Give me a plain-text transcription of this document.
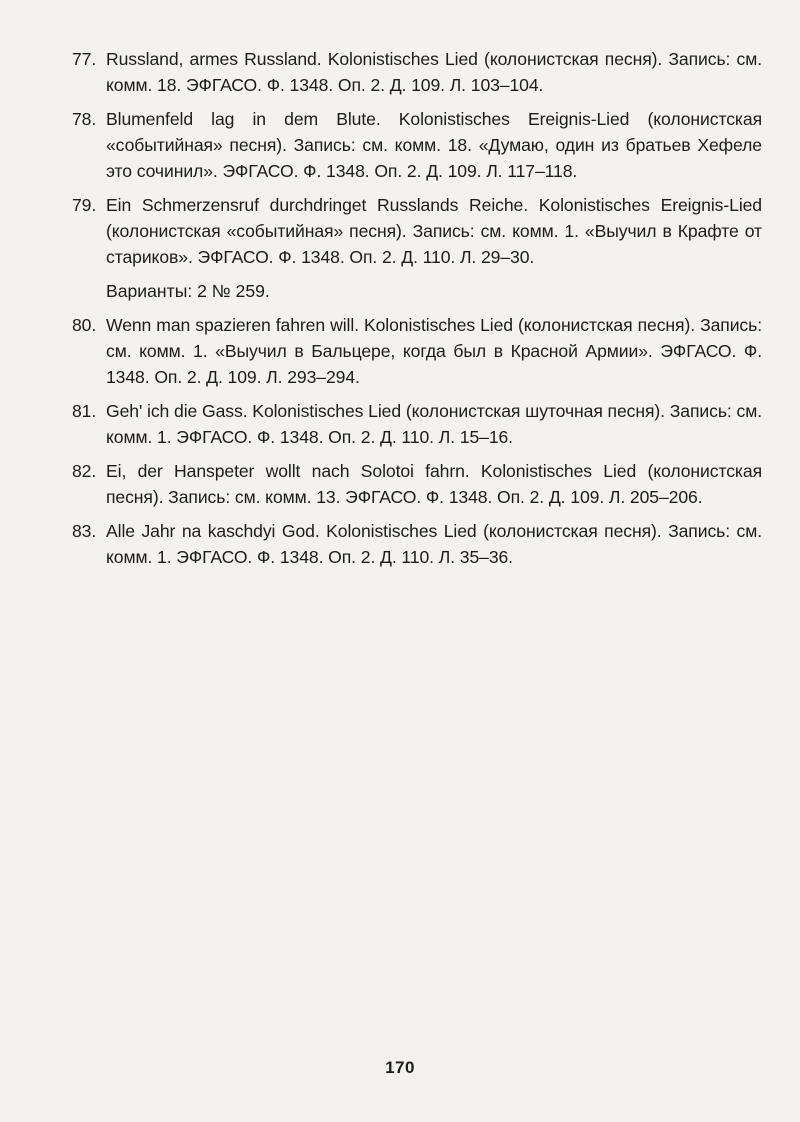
77. Russland, armes Russland. Kolonistisches Lied (колонистская песня). Запись: см. комм. 18. ЭФГАСО. Ф. 1348. Оп. 2. Д. 109. Л. 103–104.

78. Blumenfeld lag in dem Blute. Kolonistisches Ereignis-Lied (колонистская «событийная» песня). Запись: см. комм. 18. «Думаю, один из братьев Хефеле это сочинил». ЭФГАСО. Ф. 1348. Оп. 2. Д. 109. Л. 117–118.

79. Ein Schmerzensruf durchdringet Russlands Reiche. Kolonistisches Ereignis-Lied (колонистская «событийная» песня). Запись: см. комм. 1. «Выучил в Крафте от стариков». ЭФГАСО. Ф. 1348. Оп. 2. Д. 110. Л. 29–30.

Варианты: 2 № 259.

80. Wenn man spazieren fahren will. Kolonistisches Lied (колонистская песня). Запись: см. комм. 1. «Выучил в Бальцере, когда был в Красной Армии». ЭФГАСО. Ф. 1348. Оп. 2. Д. 109. Л. 293–294.

81. Geh' ich die Gass. Kolonistisches Lied (колонистская шуточная песня). Запись: см. комм. 1. ЭФГАСО. Ф. 1348. Оп. 2. Д. 110. Л. 15–16.

82. Ei, der Hanspeter wollt nach Solotoi fahrn. Kolonistisches Lied (колонистская песня). Запись: см. комм. 13. ЭФГАСО. Ф. 1348. Оп. 2. Д. 109. Л. 205–206.

83. Alle Jahr na kaschdyi God. Kolonistisches Lied (колонистская песня). Запись: см. комм. 1. ЭФГАСО. Ф. 1348. Оп. 2. Д. 110. Л. 35–36.

170
